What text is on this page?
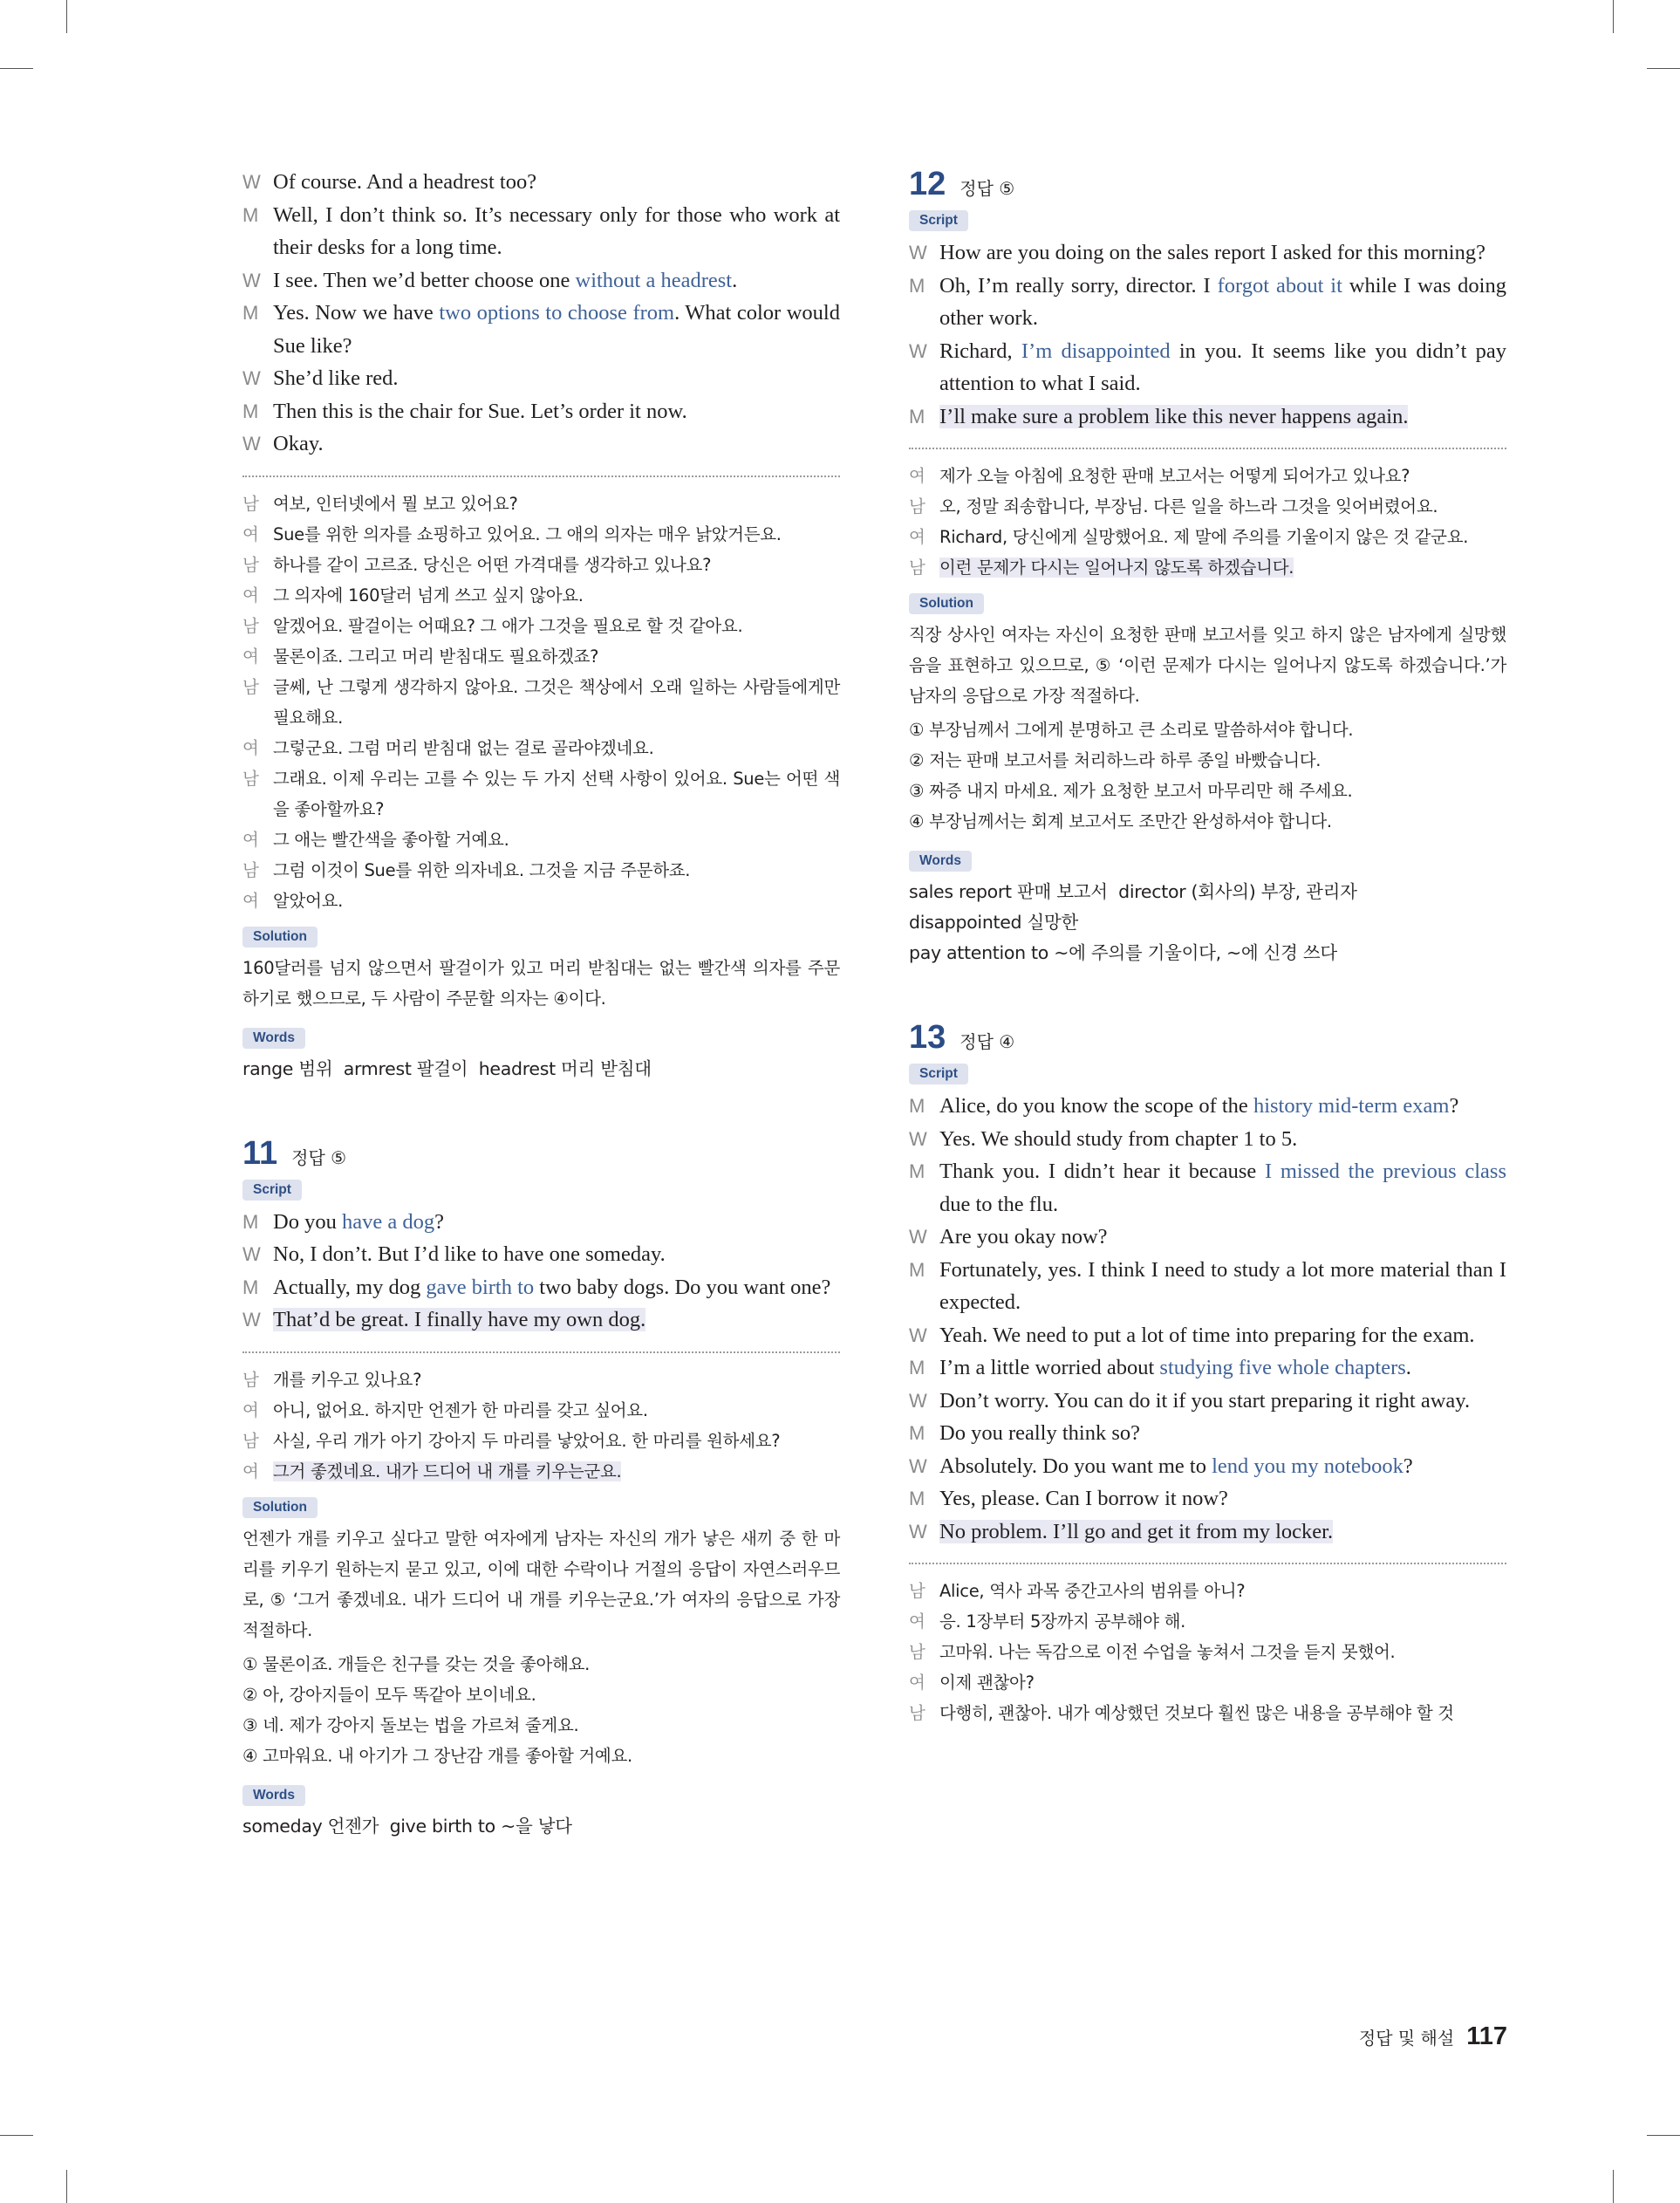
W Of course. And a headrest too?
M Well, I don’t think so. It’s necessary only for those who work at their desks for a long time.
W I see. Then we’d better choose one without a headrest.
M Yes. Now we have two options to choose from. What color would Sue like?
W She’d like red.
M Then this is the chair for Sue. Let’s order it now.
W Okay.
남 여보, 인터넷에서 뭘 보고 있어요?
여 Sue를 위한 의자를 쇼핑하고 있어요. 그 애의 의자는 매우 낡았거든요.
남 하나를 같이 고르죠. 당신은 어떤 가격대를 생각하고 있나요?
여 그 의자에 160달러 넘게 쓰고 싶지 않아요.
남 알겠어요. 팔걸이는 어때요? 그 애가 그것을 필요로 할 것 같아요.
여 물론이죠. 그리고 머리 받침대도 필요하겠죠?
남 글쎄, 난 그렇게 생각하지 않아요. 그것은 책상에서 오래 일하는 사람들에게만 필요해요.
여 그렇군요. 그럼 머리 받침대 없는 걸로 골라야겠네요.
남 그래요. 이제 우리는 고를 수 있는 두 가지 선택 사항이 있어요. Sue는 어떤 색을 좋아할까요?
여 그 애는 빨간색을 좋아할 거예요.
남 그럼 이것이 Sue를 위한 의자네요. 그것을 지금 주문하죠.
여 알았어요.
Solution
160달러를 넘지 않으면서 팔걸이가 있고 머리 받침대는 없는 빨간색 의자를 주문하기로 했으므로, 두 사람이 주문할 의자는 ④이다.
Words
range 범위  armrest 팔걸이  headrest 머리 받침대
11 정답 ⑤
Script
M Do you have a dog?
W No, I don’t. But I’d like to have one someday.
M Actually, my dog gave birth to two baby dogs. Do you want one?
W That’d be great. I finally have my own dog.
남 개를 키우고 있나요?
여 아니, 없어요. 하지만 언젠가 한 마리를 갖고 싶어요.
남 사실, 우리 개가 아기 강아지 두 마리를 낳았어요. 한 마리를 원하세요?
여 그거 좋겠네요. 내가 드디어 내 개를 키우는군요.
Solution
언젠가 개를 키우고 싶다고 말한 여자에게 남자는 자신의 개가 낳은 새끼 중 한 마리를 키우기 원하는지 묻고 있고, 이에 대한 수락이나 거절의 응답이 자연스러우므로, ⑤ ‘그거 좋겠네요. 내가 드디어 내 개를 키우는군요.’가 여자의 응답으로 가장 적절하다.
① 물론이죠. 개들은 친구를 갖는 것을 좋아해요.
② 아, 강아지들이 모두 똑같아 보이네요.
③ 네. 제가 강아지 돌보는 법을 가르쳐 줄게요.
④ 고마워요. 내 아기가 그 장난감 개를 좋아할 거예요.
Words
someday 언젠가  give birth to ~을 낳다
12 정답 ⑤
Script
W How are you doing on the sales report I asked for this morning?
M Oh, I’m really sorry, director. I forgot about it while I was doing other work.
W Richard, I’m disappointed in you. It seems like you didn’t pay attention to what I said.
M I’ll make sure a problem like this never happens again.
여 제가 오늘 아침에 요청한 판매 보고서는 어떻게 되어가고 있나요?
남 오, 정말 죄송합니다, 부장님. 다른 일을 하느라 그것을 잊어버렸어요.
여 Richard, 당신에게 실망했어요. 제 말에 주의를 기울이지 않은 것 같군요.
남 이런 문제가 다시는 일어나지 않도록 하겠습니다.
Solution
직장 상사인 여자는 자신이 요청한 판매 보고서를 잊고 하지 않은 남자에게 실망했음을 표현하고 있으므로, ⑤ ‘이런 문제가 다시는 일어나지 않도록 하겠습니다.’가 남자의 응답으로 가장 적절하다.
① 부장님께서 그에게 분명하고 큰 소리로 말씀하셔야 합니다.
② 저는 판매 보고서를 처리하느라 하루 종일 바빴습니다.
③ 짜증 내지 마세요. 제가 요청한 보고서 마무리만 해 주세요.
④ 부장님께서는 회계 보고서도 조만간 완성하셔야 합니다.
Words
sales report 판매 보고서  director (회사의) 부장, 관리자
disappointed 실망한
pay attention to ~에 주의를 기울이다, ~에 신경 쓰다
13 정답 ④
Script
M Alice, do you know the scope of the history mid-term exam?
W Yes. We should study from chapter 1 to 5.
M Thank you. I didn’t hear it because I missed the previous class due to the flu.
W Are you okay now?
M Fortunately, yes. I think I need to study a lot more material than I expected.
W Yeah. We need to put a lot of time into preparing for the exam.
M I’m a little worried about studying five whole chapters.
W Don’t worry. You can do it if you start preparing it right away.
M Do you really think so?
W Absolutely. Do you want me to lend you my notebook?
M Yes, please. Can I borrow it now?
W No problem. I’ll go and get it from my locker.
남 Alice, 역사 과목 중간고사의 범위를 아니?
여 응. 1장부터 5장까지 공부해야 해.
남 고마워. 나는 독감으로 이전 수업을 놓쳐서 그것을 듣지 못했어.
여 이제 괜찮아?
남 다행히, 괜찮아. 내가 예상했던 것보다 훨씬 많은 내용을 공부해야 할 것
정답 및 해설 117
